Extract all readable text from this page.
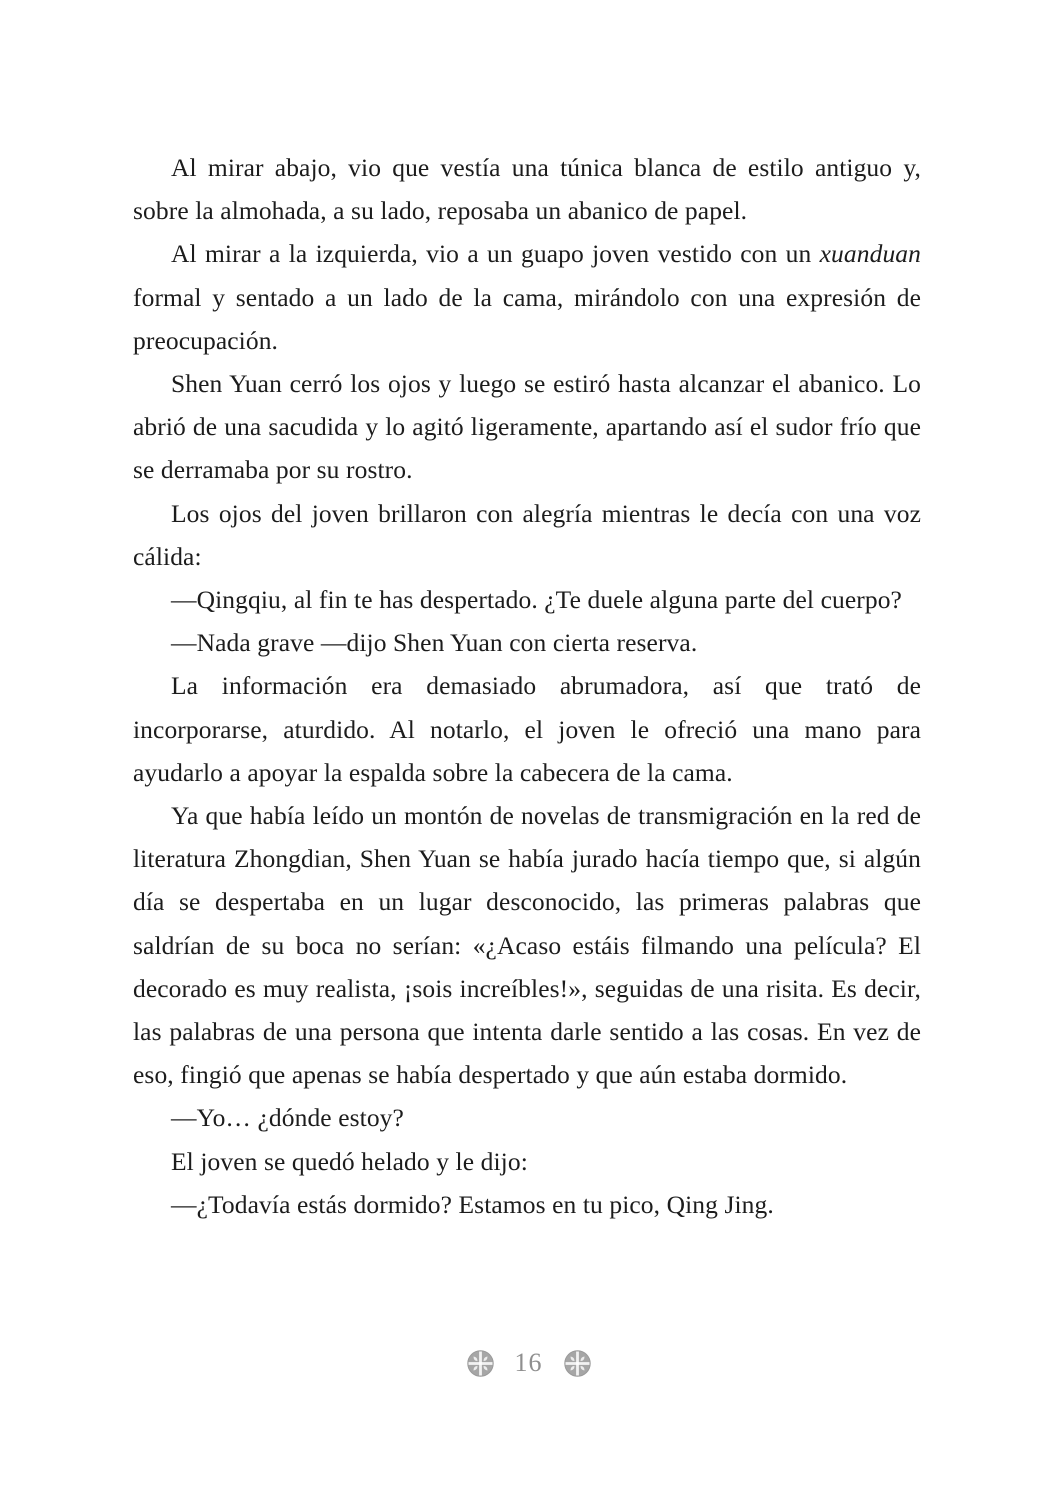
Al mirar abajo, vio que vestía una túnica blanca de estilo antiguo y, sobre la almohada, a su lado, reposaba un abanico de papel.

Al mirar a la izquierda, vio a un guapo joven vestido con un xuanduan formal y sentado a un lado de la cama, mirándolo con una expresión de preocupación.

Shen Yuan cerró los ojos y luego se estiró hasta alcanzar el abanico. Lo abrió de una sacudida y lo agitó ligeramente, apartando así el sudor frío que se derramaba por su rostro.

Los ojos del joven brillaron con alegría mientras le decía con una voz cálida:

—Qingqiu, al fin te has despertado. ¿Te duele alguna parte del cuerpo?

—Nada grave —dijo Shen Yuan con cierta reserva.

La información era demasiado abrumadora, así que trató de incorporarse, aturdido. Al notarlo, el joven le ofreció una mano para ayudarlo a apoyar la espalda sobre la cabecera de la cama.

Ya que había leído un montón de novelas de transmigración en la red de literatura Zhongdian, Shen Yuan se había jurado hacía tiempo que, si algún día se despertaba en un lugar desconocido, las primeras palabras que saldrían de su boca no serían: «¿Acaso estáis filmando una película? El decorado es muy realista, ¡sois increíbles!», seguidas de una risita. Es decir, las palabras de una persona que intenta darle sentido a las cosas. En vez de eso, fingió que apenas se había despertado y que aún estaba dormido.

—Yo… ¿dónde estoy?

El joven se quedó helado y le dijo:

—¿Todavía estás dormido? Estamos en tu pico, Qing Jing.

16
